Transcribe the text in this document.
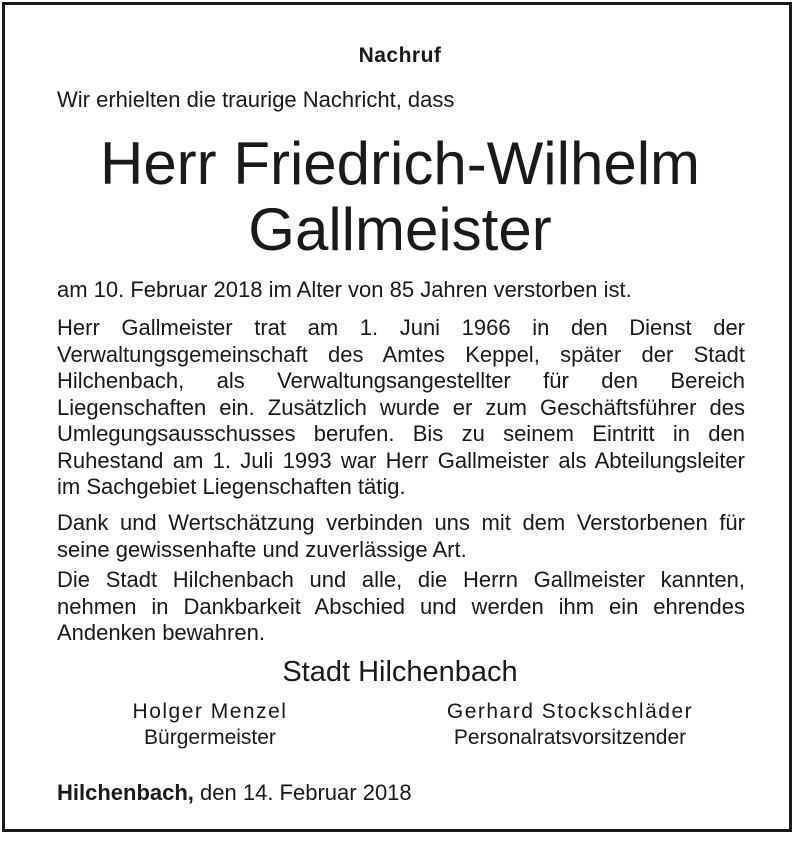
Nachruf
Wir erhielten die traurige Nachricht, dass
Herr Friedrich-Wilhelm
Gallmeister
am 10. Februar 2018 im Alter von 85 Jahren verstorben ist.
Herr Gallmeister trat am 1. Juni 1966 in den Dienst der Verwaltungsgemeinschaft des Amtes Keppel, später der Stadt Hilchenbach, als Verwaltungsangestellter für den Bereich Liegenschaften ein. Zusätzlich wurde er zum Geschäftsführer des Umlegungsausschusses berufen. Bis zu seinem Eintritt in den Ruhestand am 1. Juli 1993 war Herr Gallmeister als Abteilungsleiter im Sachgebiet Liegenschaften tätig.
Dank und Wertschätzung verbinden uns mit dem Verstorbenen für seine gewissenhafte und zuverlässige Art.
Die Stadt Hilchenbach und alle, die Herrn Gallmeister kannten, nehmen in Dankbarkeit Abschied und werden ihm ein ehrendes Andenken bewahren.
Stadt Hilchenbach
Holger Menzel
Bürgermeister
Gerhard Stockschläder
Personalratsvorsitzender
Hilchenbach, den 14. Februar 2018
